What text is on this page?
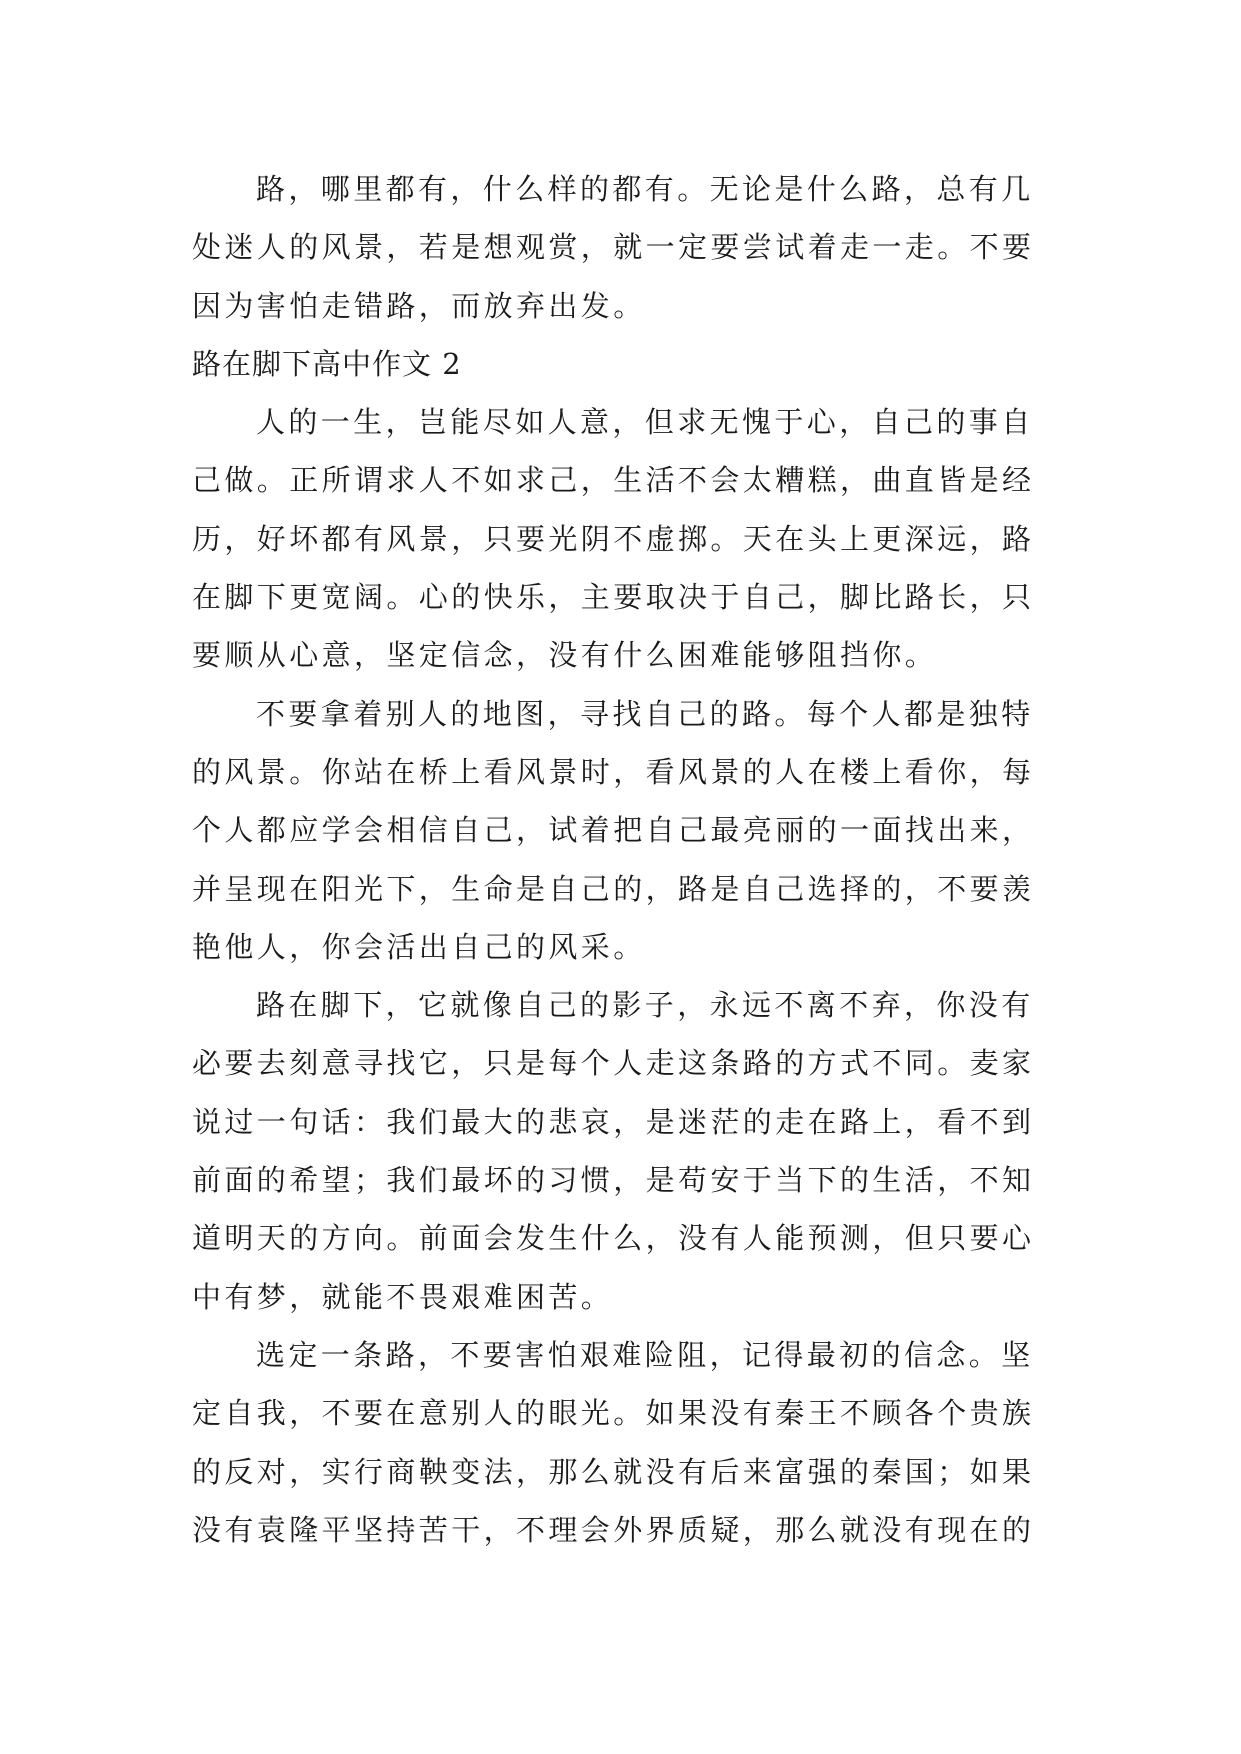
路，哪里都有，什么样的都有。无论是什么路，总有几
处迷人的风景，若是想观赏，就一定要尝试着走一走。不要
因为害怕走错路，而放弃出发。
路在脚下高中作文 2
人的一生，岂能尽如人意，但求无愧于心，自己的事自
己做。正所谓求人不如求己，生活不会太糟糕，曲直皆是经
历，好坏都有风景，只要光阴不虚掷。天在头上更深远，路
在脚下更宽阔。心的快乐，主要取决于自己，脚比路长，只
要顺从心意，坚定信念，没有什么困难能够阻挡你。
不要拿着别人的地图，寻找自己的路。每个人都是独特
的风景。你站在桥上看风景时，看风景的人在楼上看你，每
个人都应学会相信自己，试着把自己最亮丽的一面找出来，
并呈现在阳光下，生命是自己的，路是自己选择的，不要羡
艳他人，你会活出自己的风采。
路在脚下，它就像自己的影子，永远不离不弃，你没有
必要去刻意寻找它，只是每个人走这条路的方式不同。麦家
说过一句话：我们最大的悲哀，是迷茫的走在路上，看不到
前面的希望；我们最坏的习惯，是苟安于当下的生活，不知
道明天的方向。前面会发生什么，没有人能预测，但只要心
中有梦，就能不畏艰难困苦。
选定一条路，不要害怕艰难险阻，记得最初的信念。坚
定自我，不要在意别人的眼光。如果没有秦王不顾各个贵族
的反对，实行商鞅变法，那么就没有后来富强的秦国；如果
没有袁隆平坚持苦干，不理会外界质疑，那么就没有现在的
